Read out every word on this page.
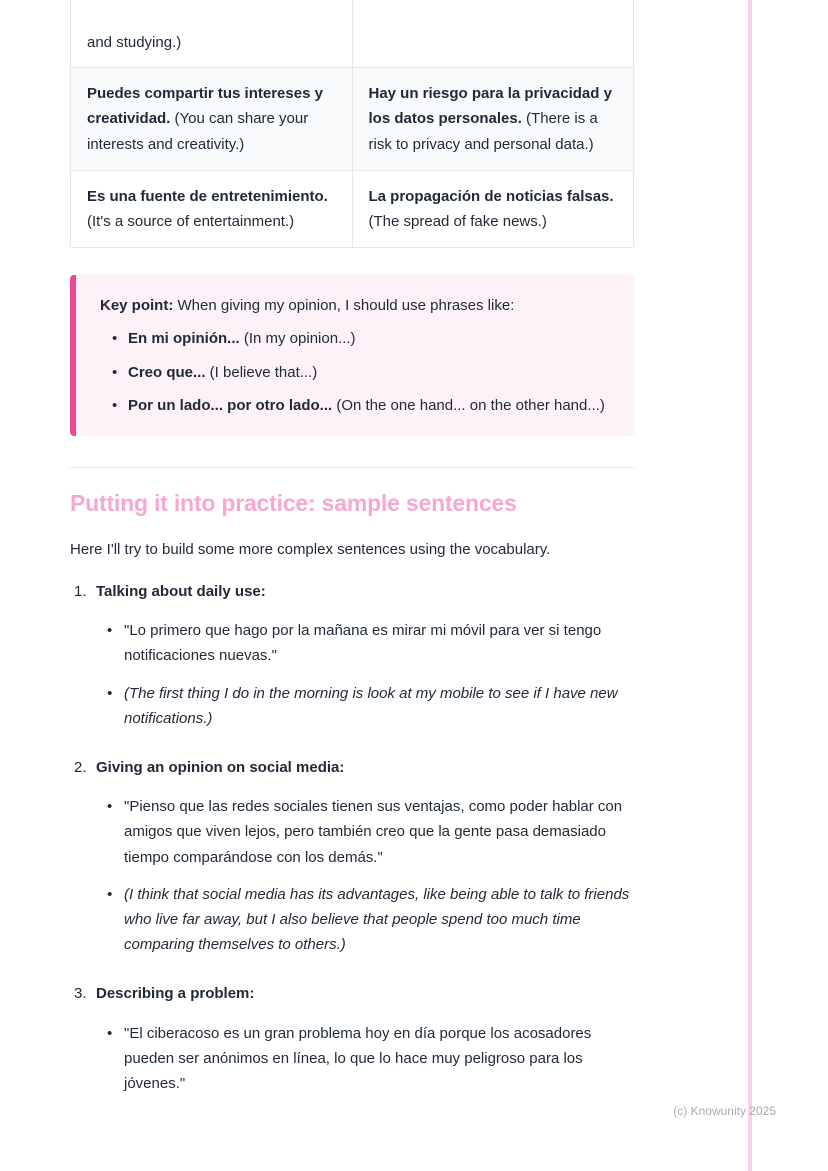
and studying.)	
Puedes compartir tus intereses y creatividad. (You can share your interests and creativity.)	Hay un riesgo para la privacidad y los datos personales. (There is a risk to privacy and personal data.)
Es una fuente de entretenimiento. (It's a source of entertainment.)	La propagación de noticias falsas. (The spread of fake news.)

Key point: When giving my opinion, I should use phrases like:

• En mi opinión... (In my opinion...)
• Creo que... (I believe that...)
• Por un lado... por otro lado... (On the one hand... on the other hand...)
Putting it into practice: sample sentences

Here I'll try to build some more complex sentences using the vocabulary.

1. Talking about daily use:
• "Lo primero que hago por la mañana es mirar mi móvil para ver si tengo notificaciones nuevas."
• (The first thing I do in the morning is look at my mobile to see if I have new notifications.)
2. Giving an opinion on social media:
• "Pienso que las redes sociales tienen sus ventajas, como poder hablar con amigos que viven lejos, pero también creo que la gente pasa demasiado tiempo comparándose con los demás."
• (I think that social media has its advantages, like being able to talk to friends who live far away, but I also believe that people spend too much time comparing themselves to others.)
3. Describing a problem:
• "El ciberacoso es un gran problema hoy en día porque los acosadores pueden ser anónimos en línea, lo que lo hace muy peligroso para los jóvenes."
(c) Knowunity 2025
